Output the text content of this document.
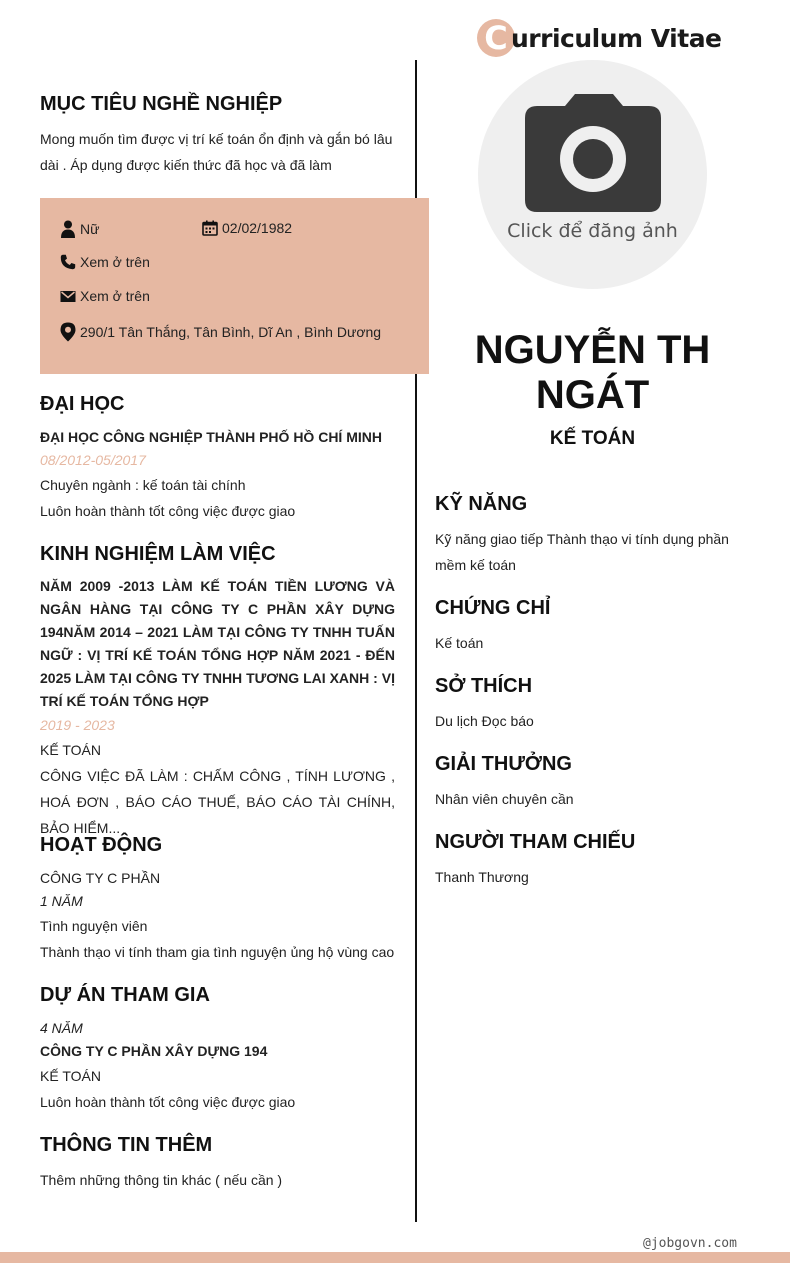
C urriculum Vitae
Click để đăng ảnh
NGUYỄN TH
NGÁT
KẾ TOÁN
MỤC TIÊU NGHỀ NGHIỆP

Mong muốn tìm được vị trí kế toán ổn định và gắn bó lâu dài . Áp dụng được kiến thức đã học và đã làm

Nữ	02/02/1982
Xem ở trên
Xem ở trên
290/1 Tân Thắng, Tân Bình, Dĩ An , Bình Dương
ĐẠI HỌC

ĐẠI HỌC CÔNG NGHIỆP THÀNH PHỐ HỒ CHÍ MINH

08/2012-05/2017

Chuyên ngành : kế toán tài chính

Luôn hoàn thành tốt công việc được giao

KINH NGHIỆM LÀM VIỆC

NĂM 2009 -2013 LÀM KẾ TOÁN TIỀN LƯƠNG VÀ NGÂN HÀNG TẠI CÔNG TY C PHẦN XÂY DỰNG 194NĂM 2014 – 2021 LÀM TẠI CÔNG TY TNHH TUẤN NGỮ : VỊ TRÍ KẾ TOÁN TỔNG HỢP NĂM 2021 - ĐẾN 2025 LÀM TẠI CÔNG TY TNHH TƯƠNG LAI XANH : VỊ TRÍ KẾ TOÁN TỔNG HỢP

2019 - 2023

KẾ TOÁN

CÔNG VIỆC ĐÃ LÀM : CHẤM CÔNG , TÍNH LƯƠNG , HOÁ ĐƠN , BÁO CÁO THUẾ, BÁO CÁO TÀI CHÍNH, BẢO HIỂM...

HOẠT ĐỘNG

CÔNG TY C PHẦN

1 NĂM

Tình nguyện viên

Thành thạo vi tính tham gia tình nguyện ủng hộ vùng cao

DỰ ÁN THAM GIA

4 NĂM

CÔNG TY C PHẦN XÂY DỰNG 194

KẾ TOÁN

Luôn hoàn thành tốt công việc được giao

THÔNG TIN THÊM

Thêm những thông tin khác ( nếu cần )

KỸ NĂNG

Kỹ năng giao tiếp Thành thạo vi tính dụng phần mềm kế toán

CHỨNG CHỈ

Kế toán

SỞ THÍCH

Du lịch Đọc báo

GIẢI THƯỞNG

Nhân viên chuyên cần

NGƯỜI THAM CHIẾU

Thanh Thương

@jobgovn.com
